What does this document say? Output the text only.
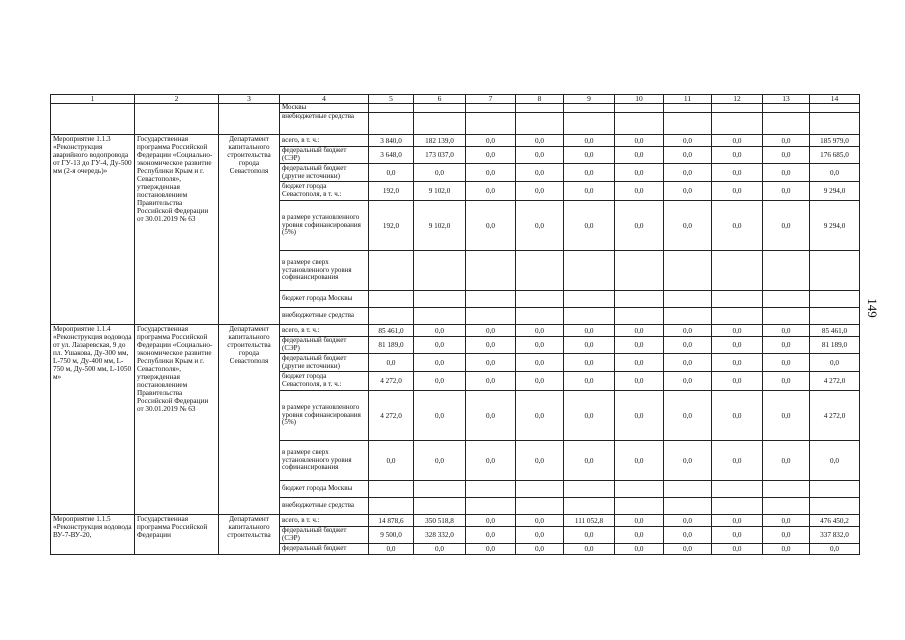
1	2	3	4	5	6	7	8	9	10	11	12	13	14
			Москвы										
			внебюджетные средства										
Мероприятие 1.1.3 «Реконструкция аварийного водопровода от ГУ-13 до ГУ-4, Ду-500 мм (2-я очередь)»	Государственная программа Российской Федерации «Социально-экономическое развитие Республики Крым и г. Севастополя», утвержденная постановлением Правительства Российской Федерации от 30.01.2019 № 63	Департамент капитального строительства города Севастополя	всего, в т. ч.:	3 840,0	182 139,0	0,0	0,0	0,0	0,0	0,0	0,0	0,0	185 979,0
			федеральный бюджет (СЭР)	3 648,0	173 037,0	0,0	0,0	0,0	0,0	0,0	0,0	0,0	176 685,0
			федеральный бюджет (другие источники)	0,0	0,0	0,0	0,0	0,0	0,0	0,0	0,0	0,0	0,0
			бюджет города Севастополя, в т. ч.:	192,0	9 102,0	0,0	0,0	0,0	0,0	0,0	0,0	0,0	9 294,0
			в размере установленного уровня софинансирования (5%)	192,0	9 102,0	0,0	0,0	0,0	0,0	0,0	0,0	0,0	9 294,0
			в размере сверх установленного уровня софинансирования										
			бюджет города Москвы										
			внебюджетные средства										
Мероприятие 1.1.4 «Реконструкция водовода от ул. Лазаревская, 9 до пл. Ушакова, Ду-300 мм, L-750 м, Ду-400 мм, L-750 м, Ду-500 мм, L-1050 м»	Государственная программа Российской Федерации «Социально-экономическое развитие Республики Крым и г. Севастополя», утвержденная постановлением Правительства Российской Федерации от 30.01.2019 № 63	Департамент капитального строительства города Севастополя	всего, в т. ч.:	85 461,0	0,0	0,0	0,0	0,0	0,0	0,0	0,0	0,0	85 461,0
			федеральный бюджет (СЭР)	81 189,0	0,0	0,0	0,0	0,0	0,0	0,0	0,0	0,0	81 189,0
			федеральный бюджет (другие источники)	0,0	0,0	0,0	0,0	0,0	0,0	0,0	0,0	0,0	0,0
			бюджет города Севастополя, в т. ч.:	4 272,0	0,0	0,0	0,0	0,0	0,0	0,0	0,0	0,0	4 272,0
			в размере установленного уровня софинансирования (5%)	4 272,0	0,0	0,0	0,0	0,0	0,0	0,0	0,0	0,0	4 272,0
			в размере сверх установленного уровня софинансирования	0,0	0,0	0,0	0,0	0,0	0,0	0,0	0,0	0,0	0,0
			бюджет города Москвы										
			внебюджетные средства										
Мероприятие 1.1.5 «Реконструкция водовода ВУ-7-ВУ-20,	Государственная программа Российской Федерации	Департамент капитального строительства	всего, в т. ч.:	14 878,6	350 518,8	0,0	0,0	111 052,8	0,0	0,0	0,0	0,0	476 450,2
			федеральный бюджет (СЭР)	9 500,0	328 332,0	0,0	0,0	0,0	0,0	0,0	0,0	0,0	337 832,0
			федеральный бюджет	0,0	0,0	0,0	0,0	0,0	0,0	0,0	0,0	0,0	0,0
149
